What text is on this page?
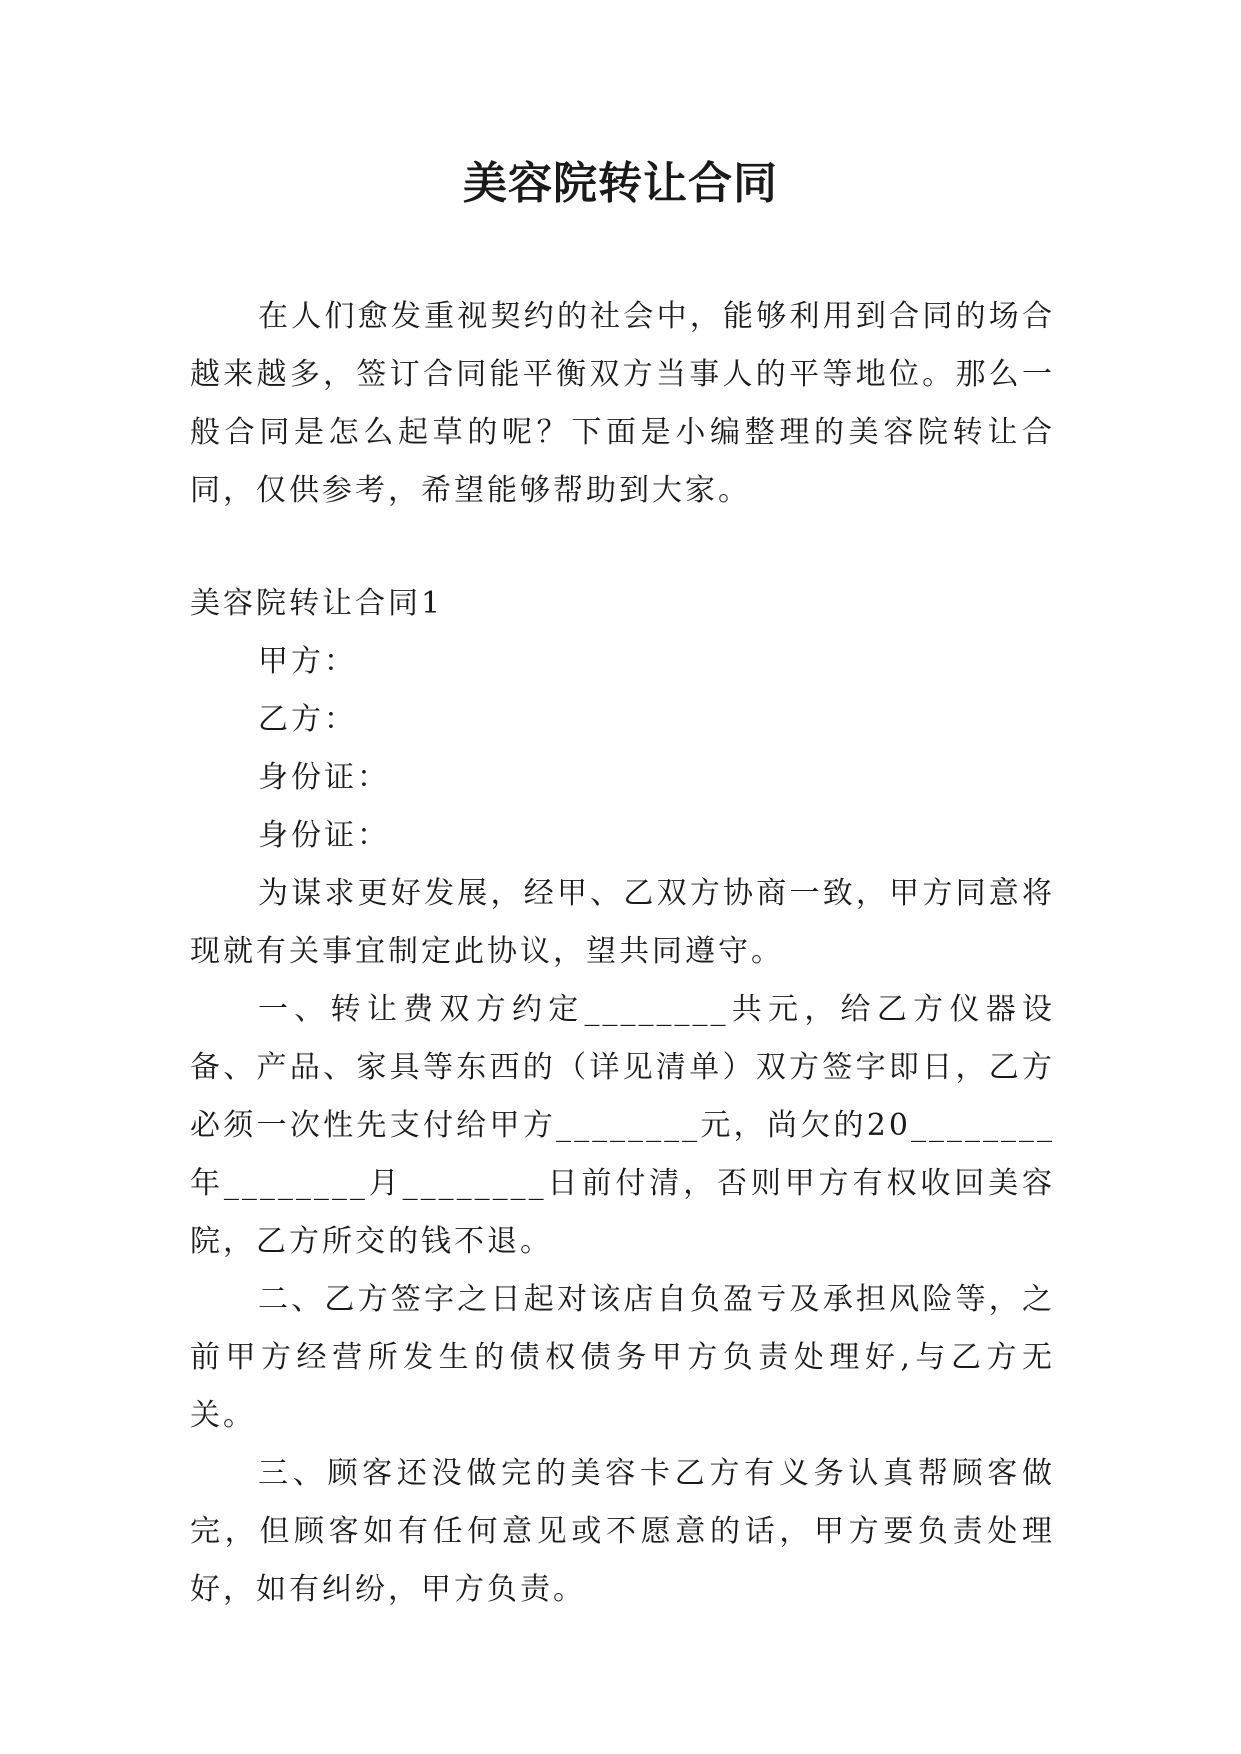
美容院转让合同

在人们愈发重视契约的社会中，能够利用到合同的场合越来越多，签订合同能平衡双方当事人的平等地位。那么一般合同是怎么起草的呢？下面是小编整理的美容院转让合同，仅供参考，希望能够帮助到大家。

美容院转让合同1

甲方：

乙方：

身份证：

身份证：

为谋求更好发展，经甲、乙双方协商一致，甲方同意将现就有关事宜制定此协议，望共同遵守。

一、转让费双方约定________共元，给乙方仪器设备、产品、家具等东西的（详见清单）双方签字即日，乙方必须一次性先支付给甲方________元，尚欠的20________年________月________日前付清，否则甲方有权收回美容院，乙方所交的钱不退。

二、乙方签字之日起对该店自负盈亏及承担风险等，之前甲方经营所发生的债权债务甲方负责处理好,与乙方无关。

三、顾客还没做完的美容卡乙方有义务认真帮顾客做完，但顾客如有任何意见或不愿意的话，甲方要负责处理好，如有纠纷，甲方负责。
